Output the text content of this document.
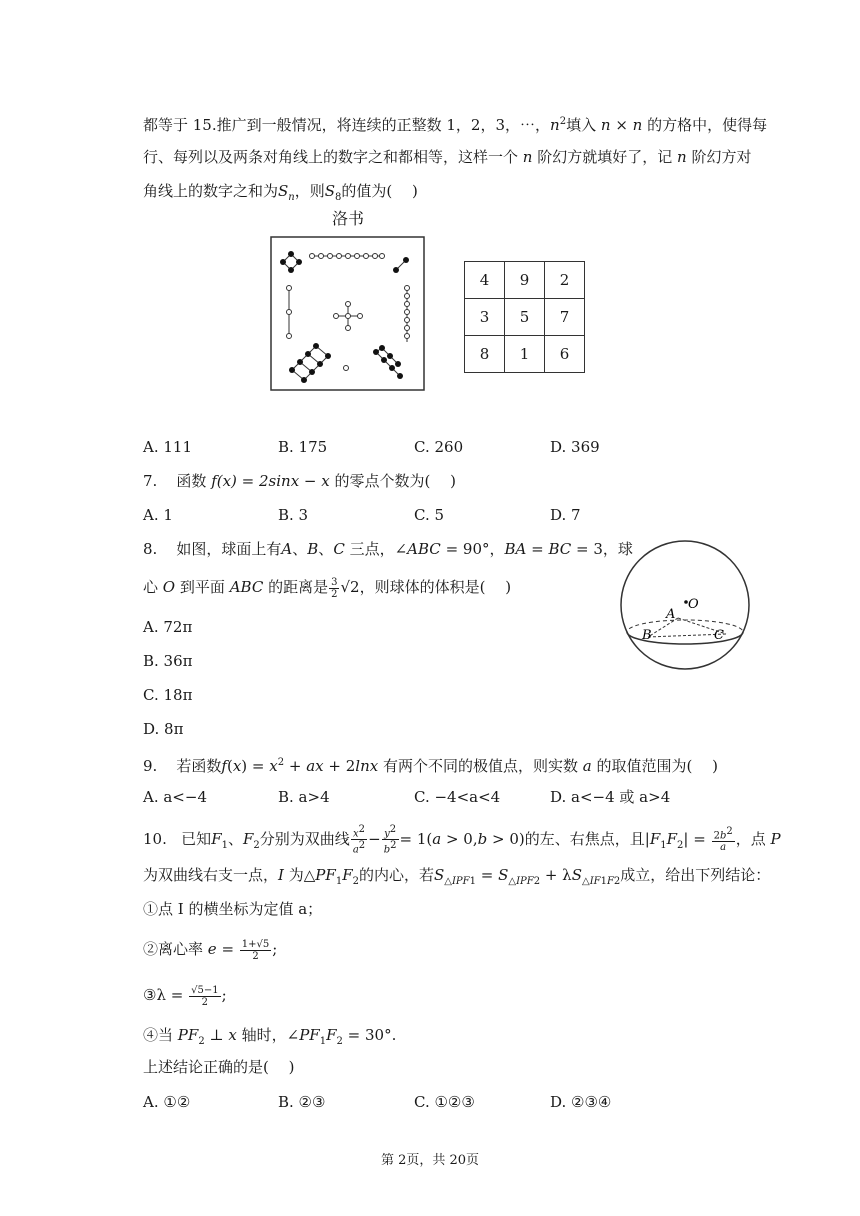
都等于 15.推广到一般情况，将连续的正整数 1，2，3，⋯，$n^2$填入 n × n 的方格中，使得每
行、每列以及两条对角线上的数字之和都相等，这样一个 n 阶幻方就填好了，记 n 阶幻方对
角线上的数字之和为$S_n$，则$S_8$的值为(　 )
洛书
4	9	2
3	5	7
8	1	6
A. 111	B. 175	C. 260	D. 369
7. 函数 f(x) = 2sinx − x 的零点个数为(　 )
A. 1	B. 3	C. 5	D. 7
8. 如图，球面上有A、B、C 三点，∠ABC = 90°，BA = BC = 3，球
心 O 到平面 ABC 的距离是 $\frac{3}{2} √2$，则球体的体积是(　 )
A. 72π
B. 36π
C. 18π
D. 8π
O
A
B	C
9. 若函数$f(x) = x^2$ + ax + 2lnx 有两个不同的极值点，则实数 a 的取值范围为(　 )
A. a<−4	B. a>4	C. −4<a<4	D. a<−4 或 a>4
10. 已知$F_1$、$F_2$分别为双曲线 $\frac{x^2}{a^2} - \frac{y^2}{b^2} = 1(a > 0,b > 0)$的左、右焦点，且$|F_1F_2| = \frac{2b^2}{a}$ ，点 P
为双曲线右支一点，I 为$\triangle PF_1F_2$的内心，若$S_{\triangle IPF1} = S_{\triangle IPF2} + \lambda S_{\triangle IF1F2}$成立，给出下列结论：
①点 I 的横坐标为定值 a；
②离心率 $e = \frac{1+√5}{2}$ ;
③λ = $\frac{√5-1}{2}$ ;
④当 $PF_2$ ⊥ x 轴时，$\angle PF_1F_2 = 30^\circ$.
上述结论正确的是(　 )
A. ①②	B. ②③	C. ①②③	D. ②③④
第 2页，共 20页
